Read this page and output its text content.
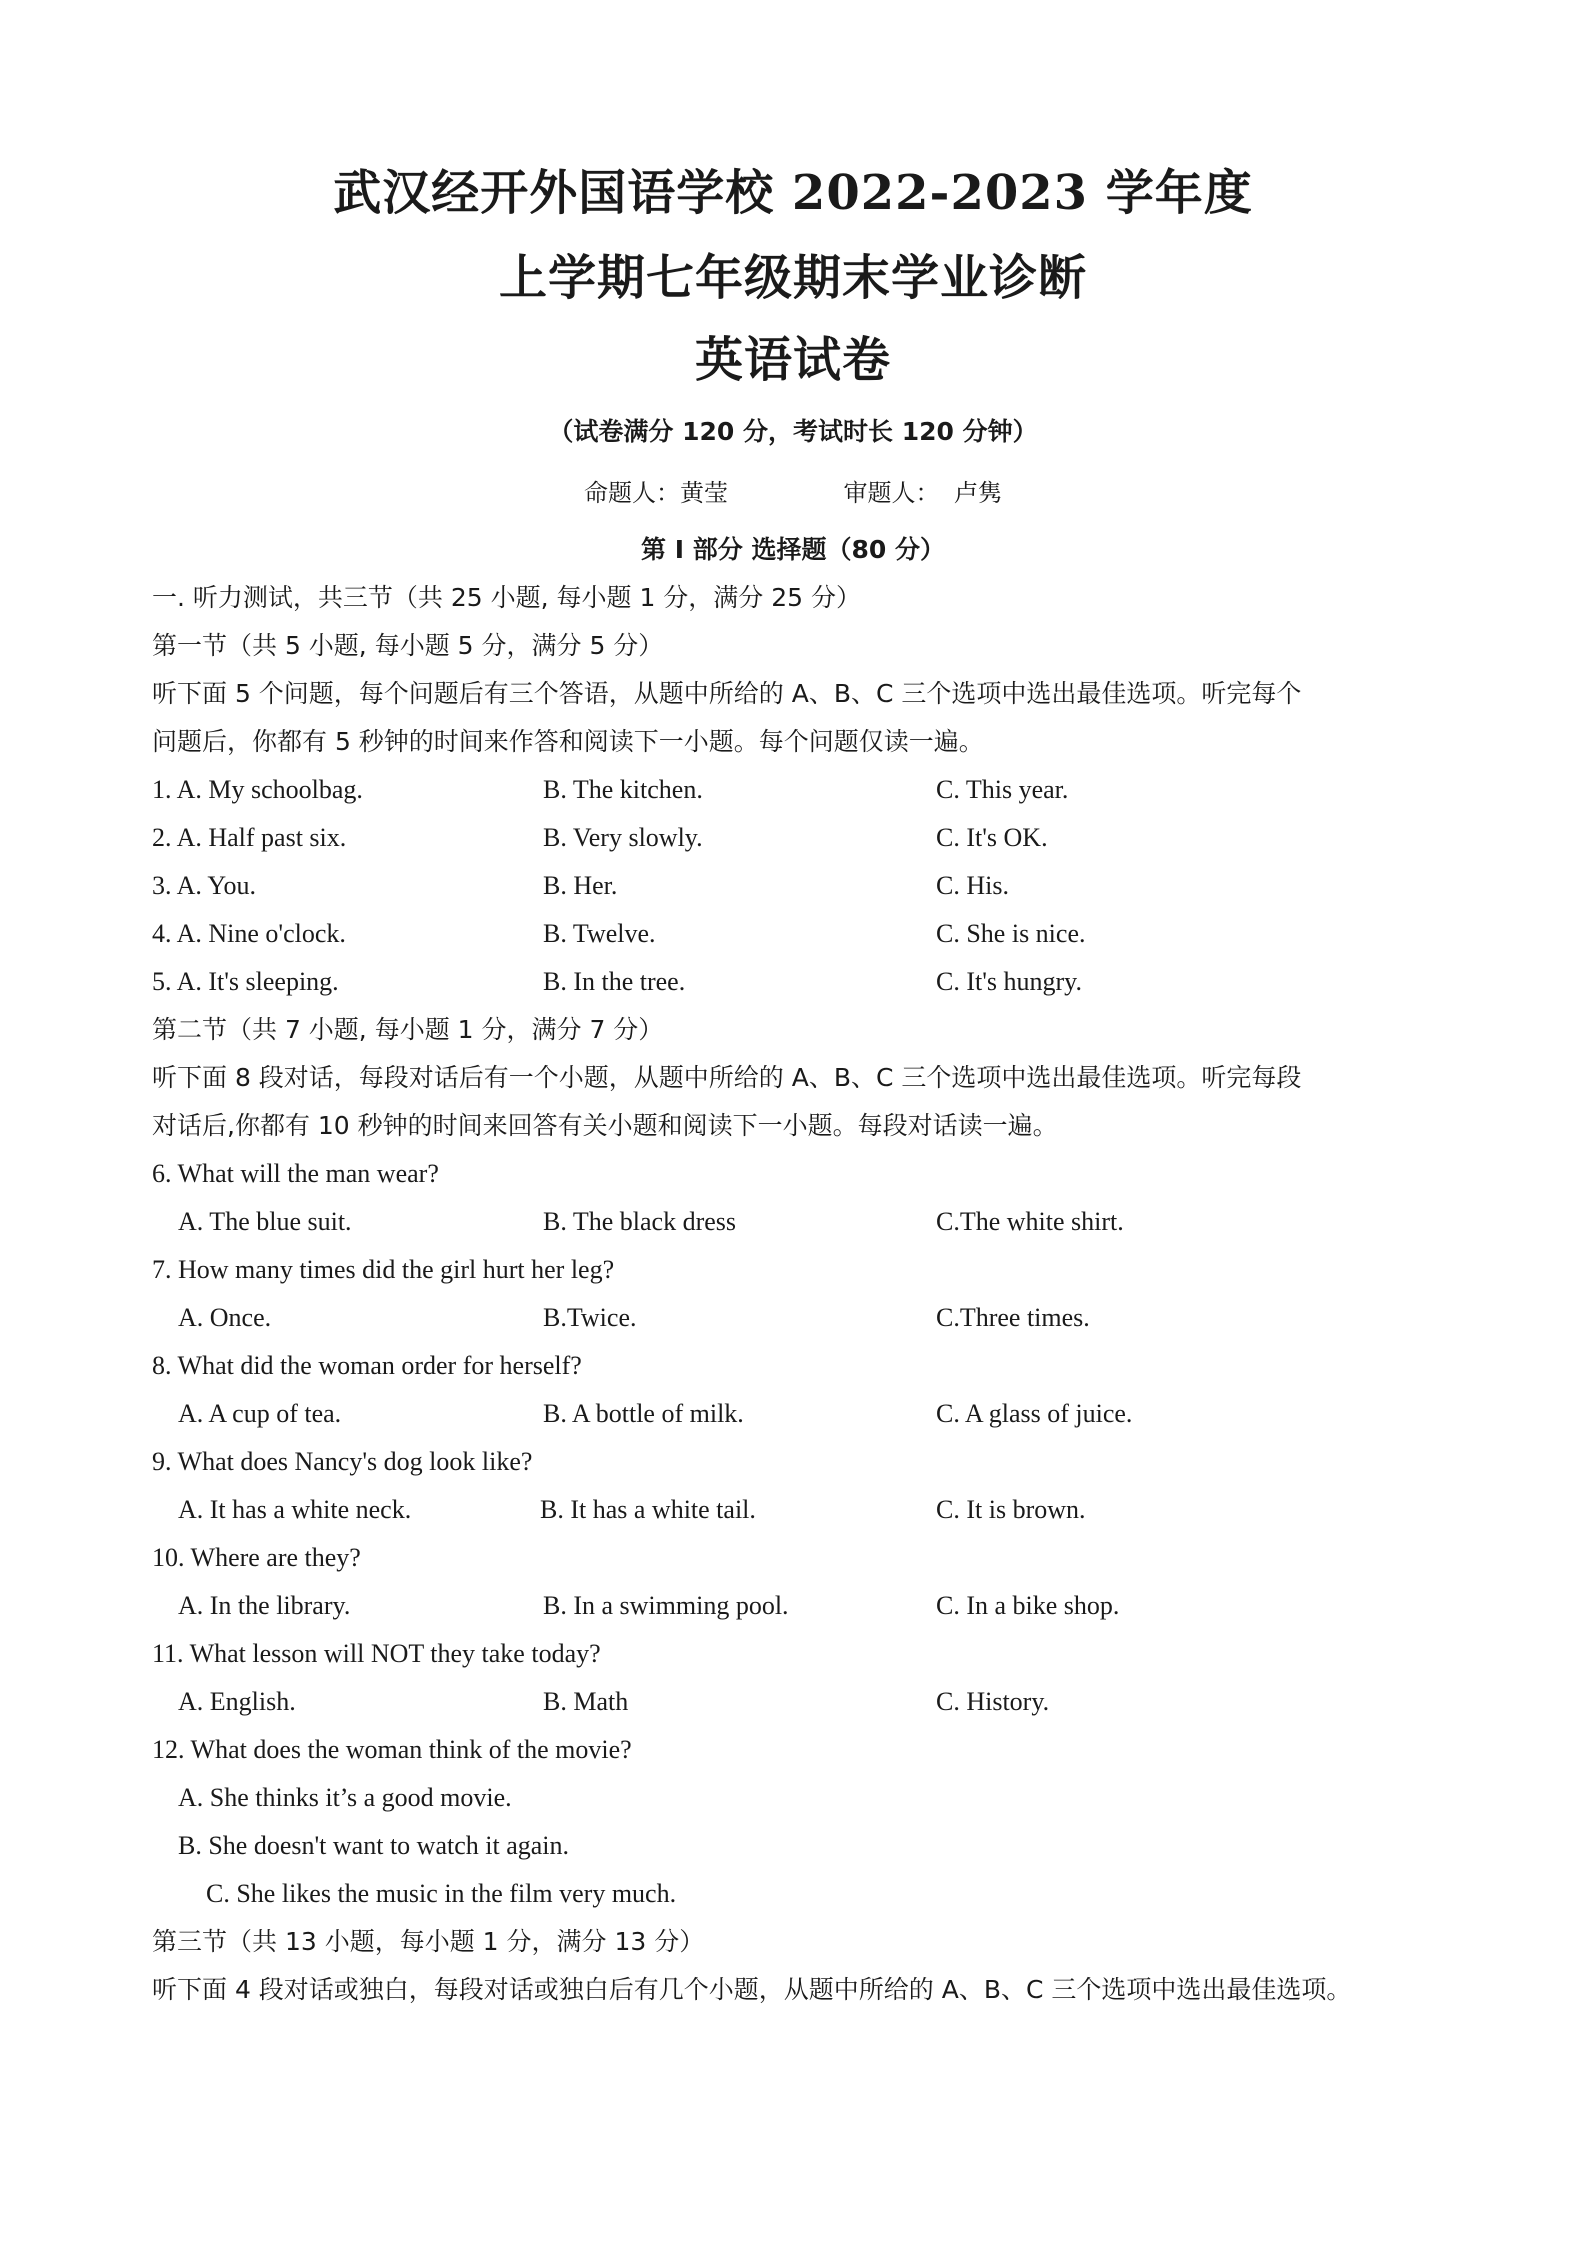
武汉经开外国语学校 2022-2023 学年度
上学期七年级期末学业诊断
英语试卷
（试卷满分 120 分，考试时长 120 分钟）
命题人：黄莹        审题人： 卢隽
第 I 部分 选择题（80 分）
一. 听力测试，共三节（共 25 小题, 每小题 1 分，满分 25 分）
第一节（共 5 小题, 每小题 5 分，满分 5 分）
听下面 5 个问题，每个问题后有三个答语，从题中所给的 A、B、C 三个选项中选出最佳选项。听完每个
问题后，你都有 5 秒钟的时间来作答和阅读下一小题。每个问题仅读一遍。
1. A. My schoolbag.	B. The kitchen.	C. This year.
2. A. Half past six.	B. Very slowly.	C. It's OK.
3. A. You.	B. Her.	C. His.
4. A. Nine o'clock.	B. Twelve.	C. She is nice.
5. A. It's sleeping.	B. In the tree.	C. It's hungry.
第二节（共 7 小题, 每小题 1 分，满分 7 分）
听下面 8 段对话，每段对话后有一个小题，从题中所给的 A、B、C 三个选项中选出最佳选项。听完每段
对话后,你都有 10 秒钟的时间来回答有关小题和阅读下一小题。每段对话读一遍。
6. What will the man wear?
A. The blue suit.	B. The black dress	C.The white shirt.
7. How many times did the girl hurt her leg?
A. Once.	B.Twice.	C.Three times.
8. What did the woman order for herself?
A. A cup of tea.	B. A bottle of milk.	C. A glass of juice.
9. What does Nancy's dog look like?
A. It has a white neck.	B. It has a white tail.	C. It is brown.
10. Where are they?
A. In the library.	B. In a swimming pool.	C. In a bike shop.
11. What lesson will NOT they take today?
A. English.	B. Math	C. History.
12. What does the woman think of the movie?
A. She thinks it’s a good movie.
B. She doesn't want to watch it again.
C. She likes the music in the film very much.
第三节（共 13 小题，每小题 1 分，满分 13 分）
听下面 4 段对话或独白，每段对话或独白后有几个小题，从题中所给的 A、B、C 三个选项中选出最佳选项。
